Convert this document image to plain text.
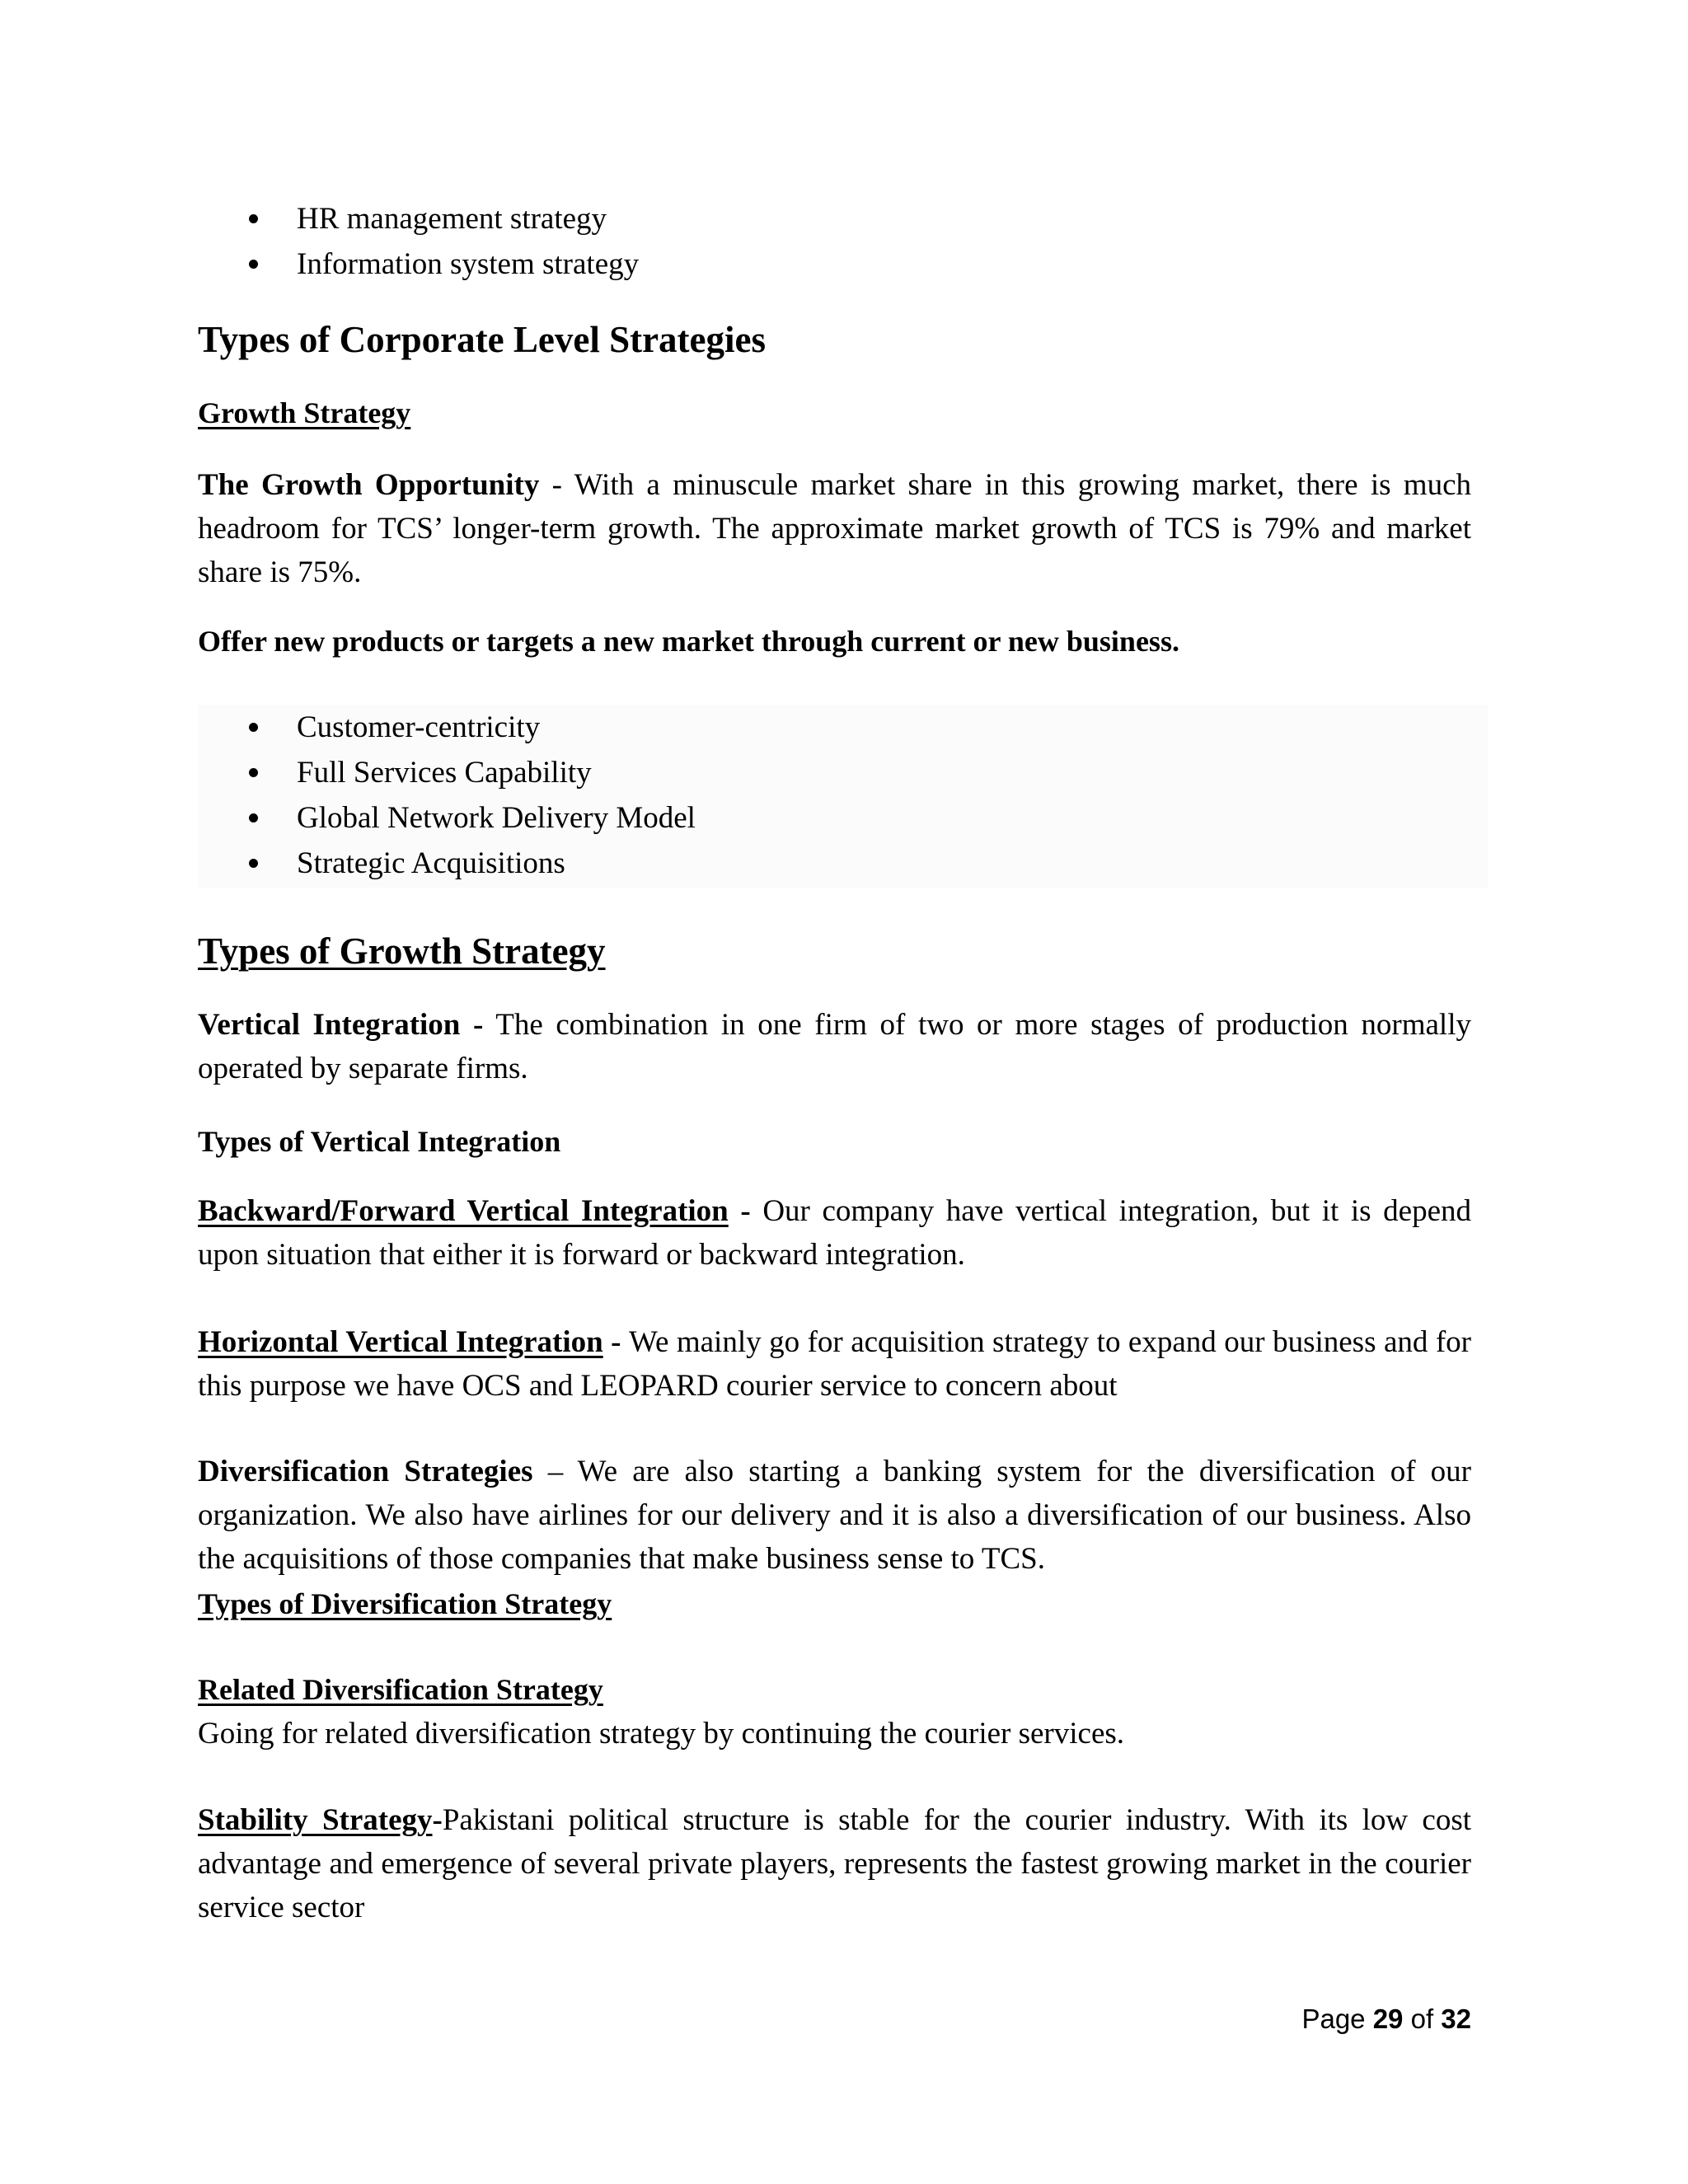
HR management strategy
Information system strategy
Types of Corporate Level Strategies
Growth Strategy

The Growth Opportunity - With a minuscule market share in this growing market, there is much headroom for TCS’ longer-term growth. The approximate market growth of TCS is 79% and market share is 75%.

Offer new products or targets a new market through current or new business.

Customer-centricity
Full Services Capability
Global Network Delivery Model
Strategic Acquisitions
Types of Growth Strategy

Vertical Integration - The combination in one firm of two or more stages of production normally operated by separate firms.

Types of Vertical Integration

Backward/Forward Vertical Integration - Our company have vertical integration, but it is depend upon situation that either it is forward or backward integration.

Horizontal Vertical Integration - We mainly go for acquisition strategy to expand our business and for this purpose we have OCS and LEOPARD courier service to concern about

Diversification Strategies – We are also starting a banking system for the diversification of our organization. We also have airlines for our delivery and it is also a diversification of our business. Also the acquisitions of those companies that make business sense to TCS.

Types of Diversification Strategy

Related Diversification Strategy

Going for related diversification strategy by continuing the courier services.

Stability Strategy-Pakistani political structure is stable for the courier industry. With its low cost advantage and emergence of several private players, represents the fastest growing market in the courier service sector

Page 29 of 32
